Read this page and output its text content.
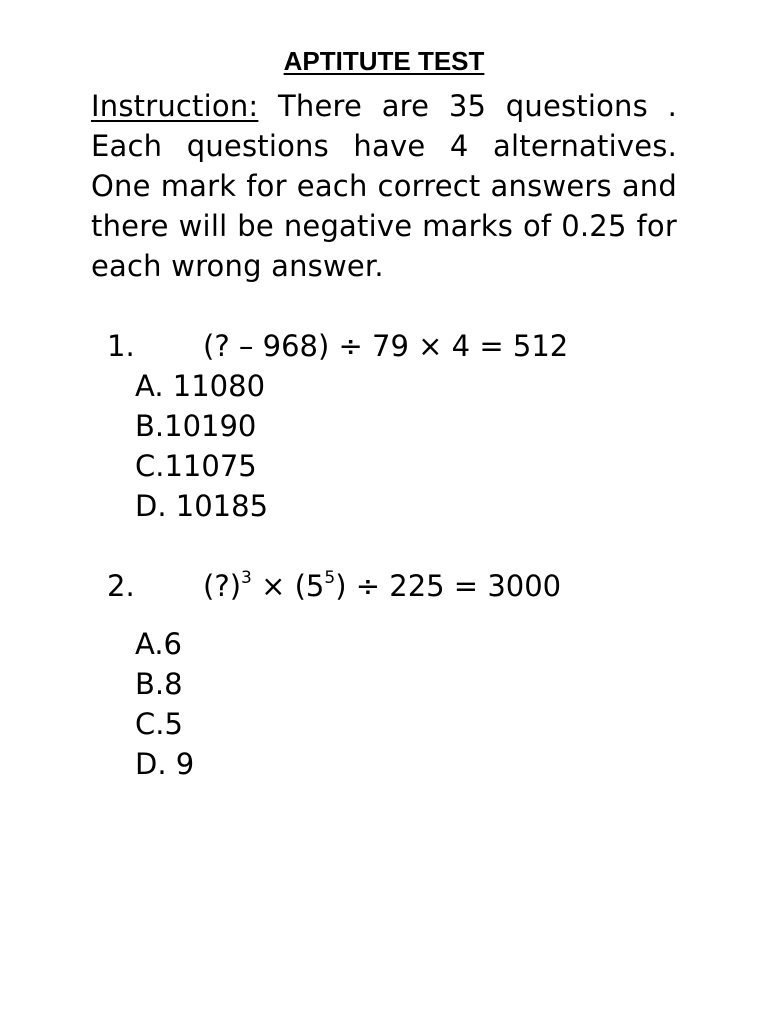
APTITUTE TEST

Instruction: There are 35 questions . Each questions have 4 alternatives. One mark for each correct answers and there will be negative marks of 0.25 for each wrong answer.

1. (? – 968) ÷ 79 × 4 = 512
A. 11080
B.10190
C.11075
D. 10185
2. (?)$^3$ × $(5^5) \div 225 = 3000$
A.6
B.8
C.5
D. 9
